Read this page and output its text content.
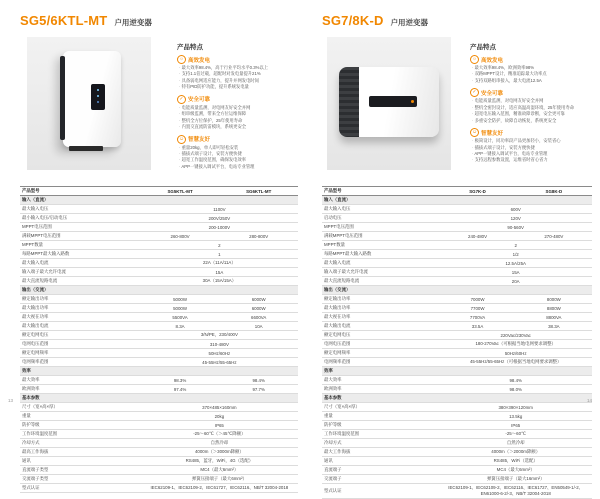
SG5/6KTL-MT 户用逆变器
产品特点
☼ 高效发电
· 最大效率98.4%，高于行业平均水平0.3%以上
· 支持1.1倍过载，超配时对发电量提升21%
· 具备弱电网适应能力，提升并网发电时间
· 特有PID防护功能，提升系统发电量
✓ 安全可靠
· 电能质量监测，对电网友好安全并网
· 组串级监测，带来全方位运维保障
· 整机全方位保护，25年使用寿命
· 内置交直流防雷模块，系统更安全
☺ 智慧友好
· 重量20kg，单人即可轻松安装
· 插拔式端子设计，安装方便快捷
· 超宽工作温度范围，确保发电效率
· APP一键接入调试平台，电站专业管理
产品型号	SG5KTL-MT	SG6KTL-MT
输入（直流）		
最大输入电压	1100V	
最小输入电压/启动电压	200V/250V	
MPPT电压范围	200-1000V	
满载MPPT电压范围	260-800V	280-800V
MPPT数量	2	
每路MPPT最大输入路数	1	
最大输入电流	22A（11A/11A）	
输入端子最大允许电流	15A	
最大直流短路电流	30A（15A/15A）	
输出（交流）		
额定输出功率	5000W	6000W
最大输出功率	5000W	6000W
最大视在功率	5500VA	6600VA
最大输出电流	8.3A	10A
额定电网电压	3/N/PE，230/400V	
电网电压范围	310-480V	
额定电网频率	50Hz/60Hz	
电网频率范围	45-55Hz/55-65Hz	
效率		
最大效率	98.3%	98.4%
欧洲效率	97.4%	97.7%
基本参数		
尺寸（宽×高×厚）	370×485×160mm	
重量	20kg	
防护等级	IP65	
工作环境温度范围	-25～60℃（＞45℃降额）	
冷却方式	自然冷却	
最高工作海拔	4000m（＞3000m降额）	
通讯	RS485，蓝牙，WiFi，4G（选配）	
直流端子类型	MC4（最大6mm²）	
交流端子类型	弹簧压接端子（最大6mm²）	
型式认证	IEC62109-1、IEC62109-2、IEC61727、IEC62116、NB/T 32004-2018	
SG7/8K-D 户用逆变器
产品特点
☼ 高效发电
· 最大效率98.4%，欧洲效率98%
· 双路MPPT设计，精准追踪最大功率点
· 支持双路组串接入，最大电流12.5A
✓ 安全可靠
· 电能质量监测，对电网友好安全并网
· 整机全密封设计，适应高温高湿环境，25年使用寿命
· 超宽电压输入范围，精准故障诊断，安全更可靠
· 多重安全防护，故障自动恢复，系统更安全
☺ 智慧友好
· 极简设计，同功率段产品更加轻小，安装省心
· 插拔式端子设计，安装方便快捷
· APP一键接入调试平台，电站专业管理
· 支持远程参数设置，运维省时省心省力
产品型号	SG7K-D	SG8K-D
输入（直流）		
最大输入电压	600V	
启动电压	120V	
MPPT电压范围	90-560V	
满载MPPT电压范围	240-480V	270-480V
MPPT数量	2	
每路MPPT最大输入路数	1/2	
最大输入电流	12.5A/25A	
输入端子最大允许电流	15A	
最大直流短路电流	20A	
输出（交流）		
额定输出功率	7000W	8000W
最大输出功率	7700W	8800W
最大视在功率	7700VA	8800VA
最大输出电流	33.5A	38.3A
额定电网电压	220Vac/230Vac	
电网电压范围	180-270Vac（可根据当地电网要求调整）	
额定电网频率	50Hz/60Hz	
电网频率范围	45-55Hz/55-65Hz（可根据当地电网要求调整）	
效率		
最大效率	98.4%	
欧洲效率	98.0%	
基本参数		
尺寸（宽×高×厚）	380×390×120mm	
重量	13.5kg	
防护等级	IP65	
工作环境温度范围	-25～60℃	
冷却方式	自然冷却	
最大工作海拔	4000m（＞2000m降额）	
通讯	RS485，WiFi（选配）	
直流端子	MC4（最大6mm²）	
交流端子	弹簧压接端子（最大16mm²）	
型式认证	IEC62109-1、IEC62109-2、IEC62116、IEC61727、EN50549-1/-2、EN61000-6-2/-3、NB/T 32004-2018	
13	14
